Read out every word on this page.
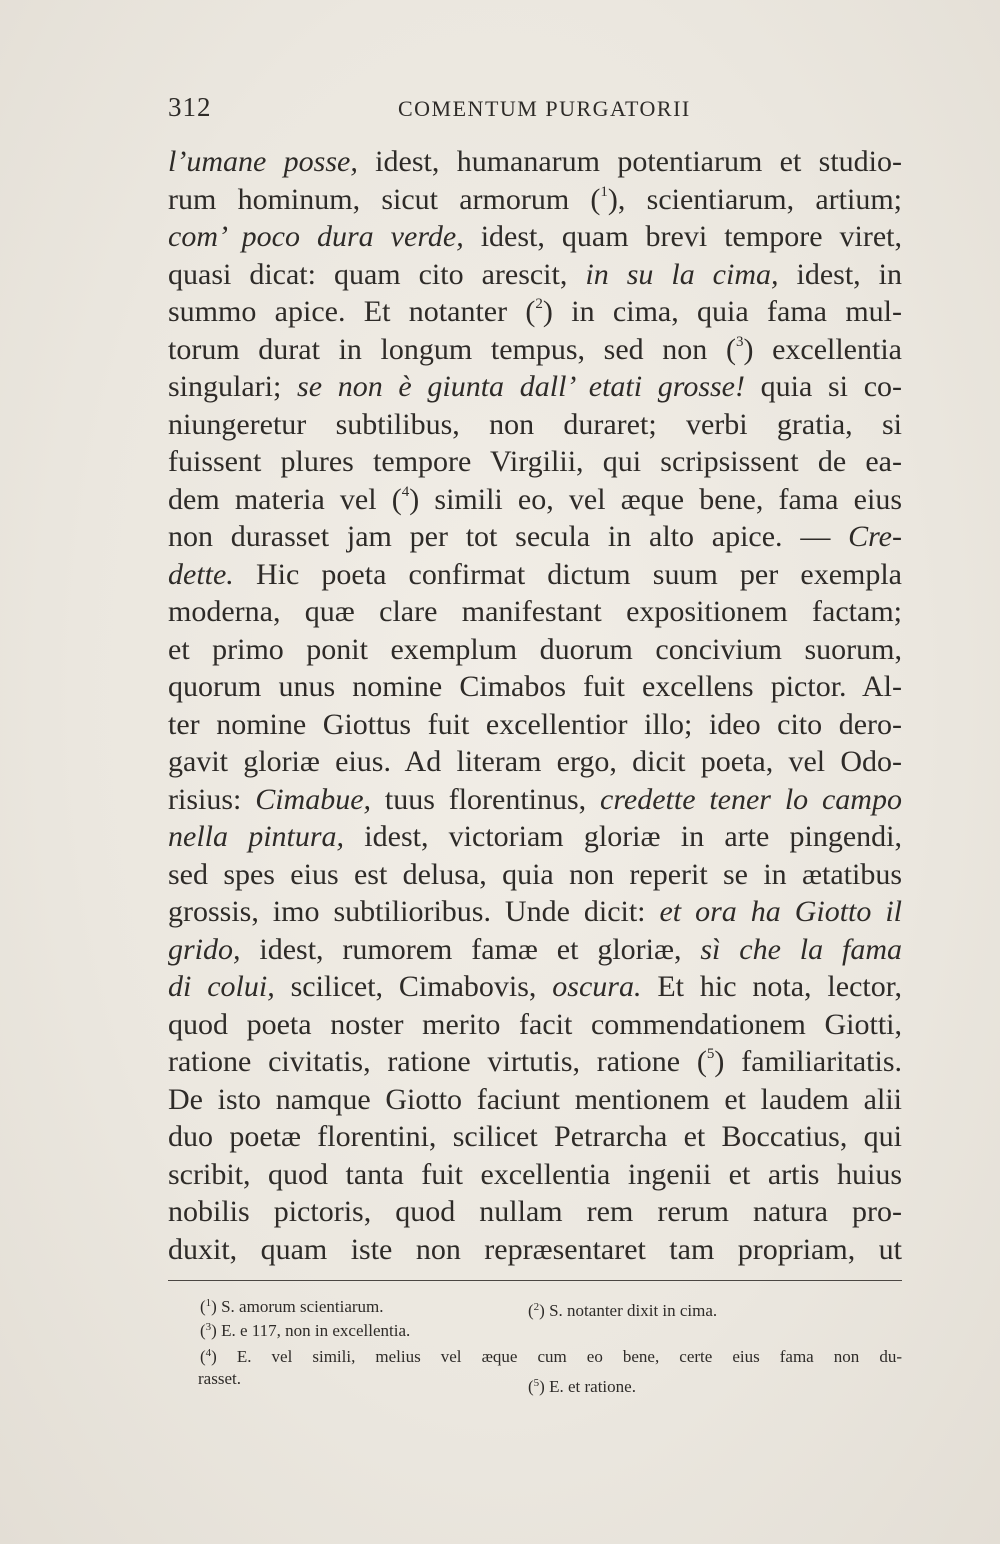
312	COMENTUM PURGATORII
l’umane posse, idest, humanarum potentiarum et studio-
rum hominum, sicut armorum ($^1$), scientiarum, artium;
com’ poco dura verde, idest, quam brevi tempore viret,
quasi dicat: quam cito arescit, in su la cima, idest, in
summo apice. Et notanter ($^2$) in cima, quia fama mul-
torum durat in longum tempus, sed non ($^3$) excellentia
singulari; se non è giunta dall’ etati grosse! quia si co-
niungeretur subtilibus, non duraret; verbi gratia, si
fuissent plures tempore Virgilii, qui scripsissent de ea-
dem materia vel ($^4$) simili eo, vel æque bene, fama eius
non durasset jam per tot secula in alto apice. — Cre-
dette. Hic poeta confirmat dictum suum per exempla
moderna, quæ clare manifestant expositionem factam;
et primo ponit exemplum duorum concivium suorum,
quorum unus nomine Cimabos fuit excellens pictor. Al-
ter nomine Giottus fuit excellentior illo; ideo cito dero-
gavit gloriæ eius. Ad literam ergo, dicit poeta, vel Odo-
risius: Cimabue, tuus florentinus, credette tener lo campo
nella pintura, idest, victoriam gloriæ in arte pingendi,
sed spes eius est delusa, quia non reperit se in ætatibus
grossis, imo subtilioribus. Unde dicit: et ora ha Giotto il
grido, idest, rumorem famæ et gloriæ, sì che la fama
di colui, scilicet, Cimabovis, oscura. Et hic nota, lector,
quod poeta noster merito facit commendationem Giotti,
ratione civitatis, ratione virtutis, ratione ($^5$) familiaritatis.
De isto namque Giotto faciunt mentionem et laudem alii
duo poetæ florentini, scilicet Petrarcha et Boccatius, qui
scribit, quod tanta fuit excellentia ingenii et artis huius
nobilis pictoris, quod nullam rem rerum natura pro-
duxit, quam iste non repræsentaret tam propriam, ut
($^1$) S. amorum scientiarum.	($^2$) S. notanter dixit in cima.
($^3$) E. e 117, non in excellentia.
($^4$) E. vel simili, melius vel æque cum eo bene, certe eius fama non du-
rasset.	($^5$) E. et ratione.
